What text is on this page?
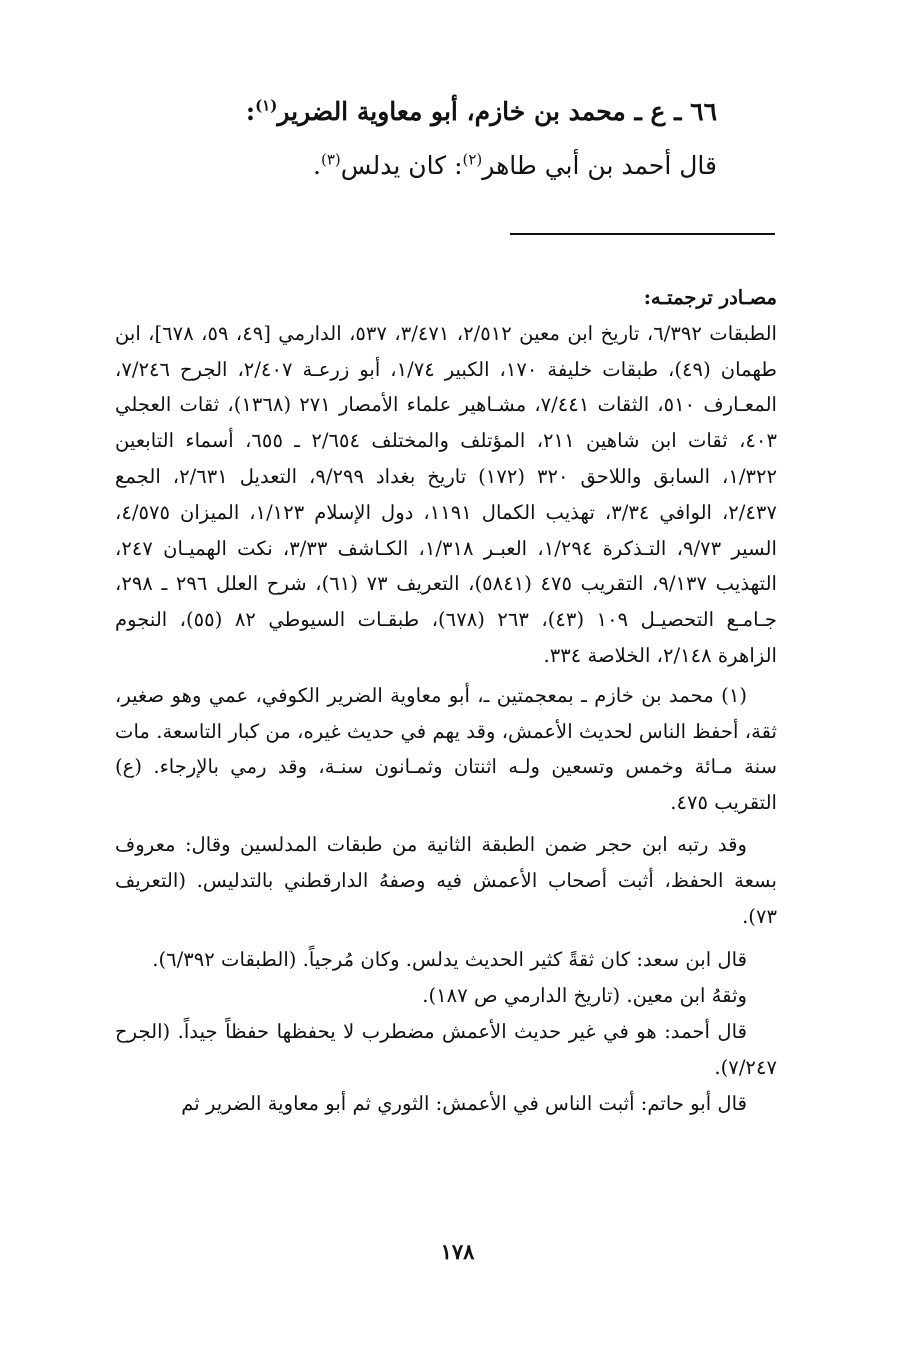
٦٦ ـ ع ـ محمد بن خازم، أبو معاوية الضرير$^{(١)}$:
قال أحمد بن أبي طاهر$^{(٢)}$: كان يدلس$^{(٣)}$.

مصـادر ترجمتـه:

الطبقات ٦/٣٩٢، تاريخ ابن معين ٢/٥١٢، ٣/٤٧١، ٥٣٧، الدارمي [٤٩، ٥٩، ٦٧٨]، ابن طهمان (٤٩)، طبقات خليفة ١٧٠، الكبير ١/٧٤، أبو زرعـة ٢/٤٠٧، الجرح ٧/٢٤٦، المعـارف ٥١٠، الثقات ٧/٤٤١، مشـاهير علماء الأمصار ٢٧١ (١٣٦٨)، ثقات العجلي ٤٠٣، ثقات ابن شاهين ٢١١، المؤتلف والمختلف ٢/٦٥٤ ـ ٦٥٥، أسماء التابعين ١/٣٢٢، السابق واللاحق ٣٢٠ (١٧٢) تاريخ بغداد ٩/٢٩٩، التعديل ٢/٦٣١، الجمع ٢/٤٣٧، الوافي ٣/٣٤، تهذيب الكمال ١١٩١، دول الإسلام ١/١٢٣، الميزان ٤/٥٧٥، السير ٩/٧٣، التـذكرة ١/٢٩٤، العبـر ١/٣١٨، الكـاشف ٣/٣٣، نكت الهميـان ٢٤٧، التهذيب ٩/١٣٧، التقريب ٤٧٥ (٥٨٤١)، التعريف ٧٣ (٦١)، شرح العلل ٢٩٦ ـ ٢٩٨، جـامـع التحصيـل ١٠٩ (٤٣)، ٢٦٣ (٦٧٨)، طبقـات السيوطي ٨٢ (٥٥)، النجوم الزاهرة ٢/١٤٨، الخلاصة ٣٣٤.

(١) محمد بن خازم ـ بمعجمتين ـ، أبو معاوية الضرير الكوفي، عمي وهو صغير، ثقة، أحفظ الناس لحديث الأعمش، وقد يهم في حديث غيره، من كبار التاسعة. مات سنة مـائة وخمس وتسعين ولـه اثنتان وثمـانون سنـة، وقد رمي بالإرجاء. (ع) التقريب ٤٧٥.

وقد رتبه ابن حجر ضمن الطبقة الثانية من طبقات المدلسين وقال: معروف بسعة الحفظ، أثبت أصحاب الأعمش فيه وصفهُ الدارقطني بالتدليس. (التعريف ٧٣).

قال ابن سعد: كان ثقةً كثير الحديث يدلس. وكان مُرجياً. (الطبقات ٦/٣٩٢).

وثقهُ ابن معين. (تاريخ الدارمي ص ١٨٧).

قال أحمد: هو في غير حديث الأعمش مضطرب لا يحفظها حفظاً جيداً. (الجرح ٧/٢٤٧).

قال أبو حاتم: أثبت الناس في الأعمش: الثوري ثم أبو معاوية الضرير ثم

١٧٨
